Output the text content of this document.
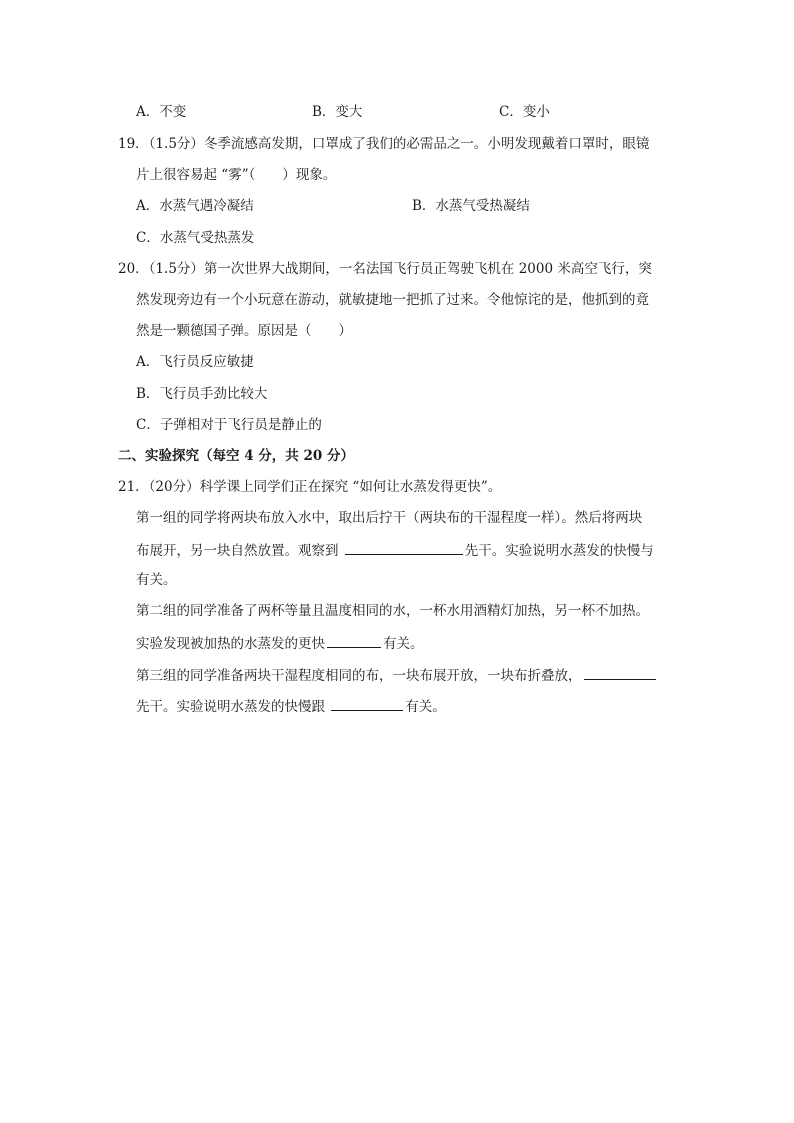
A．不变	B．变大	C．变小
19．（1.5分）冬季流感高发期，口罩成了我们的必需品之一。小明发现戴着口罩时，眼镜
片上很容易起 “雾”（　　）现象。
A．水蒸气遇冷凝结	B．水蒸气受热凝结
C．水蒸气受热蒸发
20．（1.5分）第一次世界大战期间，一名法国飞行员正驾驶飞机在 2000 米高空飞行，突
然发现旁边有一个小玩意在游动，就敏捷地一把抓了过来。令他惊诧的是，他抓到的竟
然是一颗德国子弹。原因是（　　）
A．飞行员反应敏捷
B．飞行员手劲比较大
C．子弹相对于飞行员是静止的
二、实验探究（每空 4 分，共 20 分）
21．（20分）科学课上同学们正在探究 “如何让水蒸发得更快”。
第一组的同学将两块布放入水中，取出后拧干（两块布的干湿程度一样）。然后将两块
布展开，另一块自然放置。观察到	先干。实验说明水蒸发的快慢与
有关。
第二组的同学准备了两杯等量且温度相同的水，一杯水用酒精灯加热，另一杯不加热。
实验发现被加热的水蒸发的更快	有关。
第三组的同学准备两块干湿程度相同的布，一块布展开放，一块布折叠放，
先干。实验说明水蒸发的快慢跟	有关。
